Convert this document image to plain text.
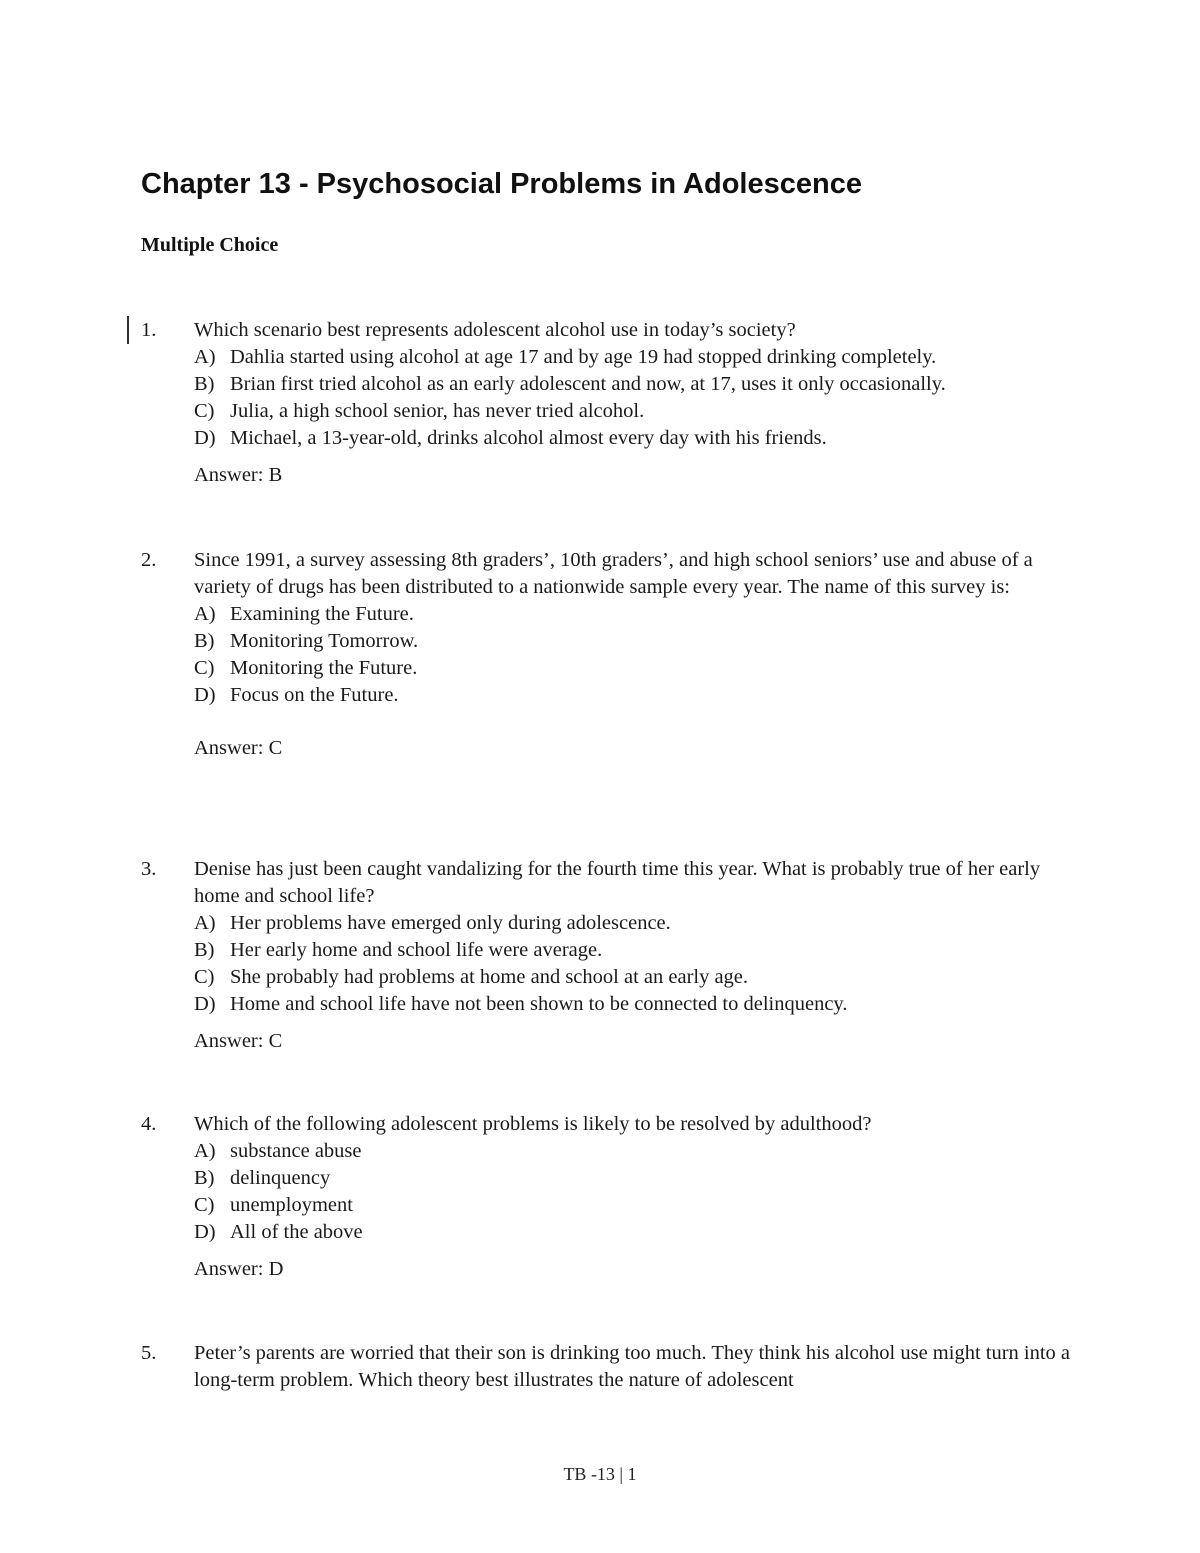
Chapter 13 - Psychosocial Problems in Adolescence
Multiple Choice
1. Which scenario best represents adolescent alcohol use in today’s society?

A) Dahlia started using alcohol at age 17 and by age 19 had stopped drinking completely.
B) Brian first tried alcohol as an early adolescent and now, at 17, uses it only occasionally.
C) Julia, a high school senior, has never tried alcohol.
D) Michael, a 13-year-old, drinks alcohol almost every day with his friends.

Answer: B

2. Since 1991, a survey assessing 8th graders’, 10th graders’, and high school seniors’ use and abuse of a variety of drugs has been distributed to a nationwide sample every year. The name of this survey is:

A) Examining the Future.
B) Monitoring Tomorrow.
C) Monitoring the Future.
D) Focus on the Future.

Answer: C

3. Denise has just been caught vandalizing for the fourth time this year. What is probably true of her early home and school life?

A) Her problems have emerged only during adolescence.
B) Her early home and school life were average.
C) She probably had problems at home and school at an early age.
D) Home and school life have not been shown to be connected to delinquency.

Answer: C

4. Which of the following adolescent problems is likely to be resolved by adulthood?

A) substance abuse
B) delinquency
C) unemployment
D) All of the above

Answer: D

5. Peter’s parents are worried that their son is drinking too much. They think his alcohol use might turn into a long-term problem. Which theory best illustrates the nature of adolescent

TB -13 | 1
